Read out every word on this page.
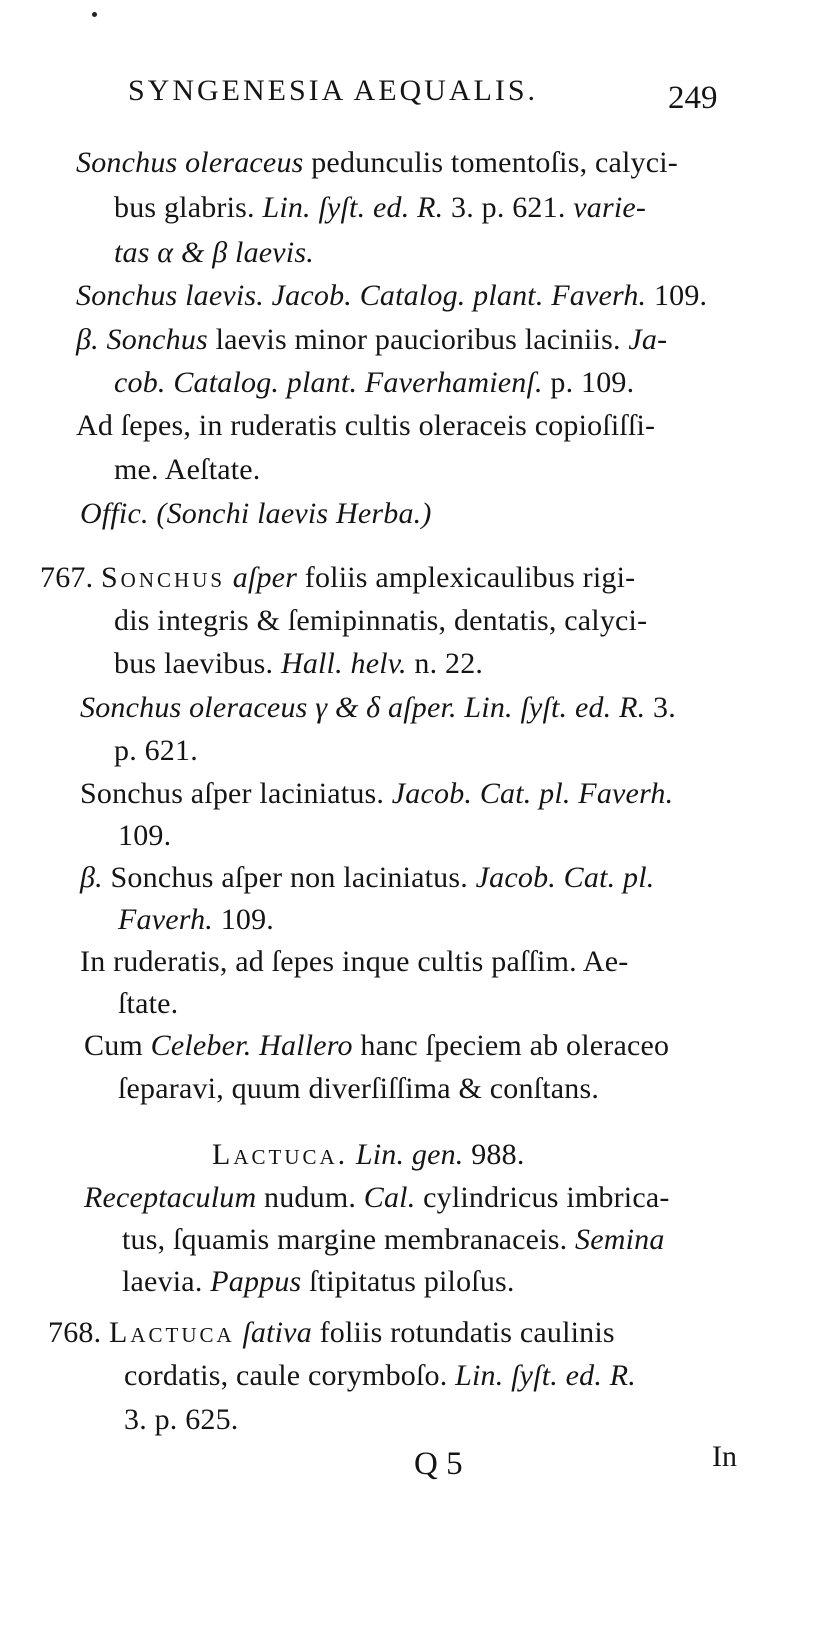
SYNGENESIA AEQUALIS.	249
Sonchus oleraceus pedunculis tomentoſis, calyci-
bus glabris. Lin. ſyſt. ed. R. 3. p. 621. varie-
tas α & β laevis.
Sonchus laevis. Jacob. Catalog. plant. Faverh. 109.
β. Sonchus laevis minor paucioribus laciniis. Ja-
cob. Catalog. plant. Faverhamienſ. p. 109.
Ad ſepes, in ruderatis cultis oleraceis copioſiſſi-
me. Aeſtate.
Offic. (Sonchi laevis Herba.)
767. Sonchus aſper foliis amplexicaulibus rigi-
dis integris & ſemipinnatis, dentatis, calyci-
bus laevibus. Hall. helv. n. 22.
Sonchus oleraceus γ & δ aſper. Lin. ſyſt. ed. R. 3.
p. 621.
Sonchus aſper laciniatus. Jacob. Cat. pl. Faverh.
109.
β. Sonchus aſper non laciniatus. Jacob. Cat. pl.
Faverh. 109.
In ruderatis, ad ſepes inque cultis paſſim. Ae-
ſtate.
Cum Celeber. Hallero hanc ſpeciem ab oleraceo
ſeparavi, quum diverſiſſima & conſtans.
Lactuca. Lin. gen. 988.
Receptaculum nudum. Cal. cylindricus imbrica-
tus, ſquamis margine membranaceis. Semina
laevia. Pappus ſtipitatus piloſus.
768. Lactuca ſativa foliis rotundatis caulinis
cordatis, caule corymboſo. Lin. ſyſt. ed. R.
3. p. 625.
Q 5	In
